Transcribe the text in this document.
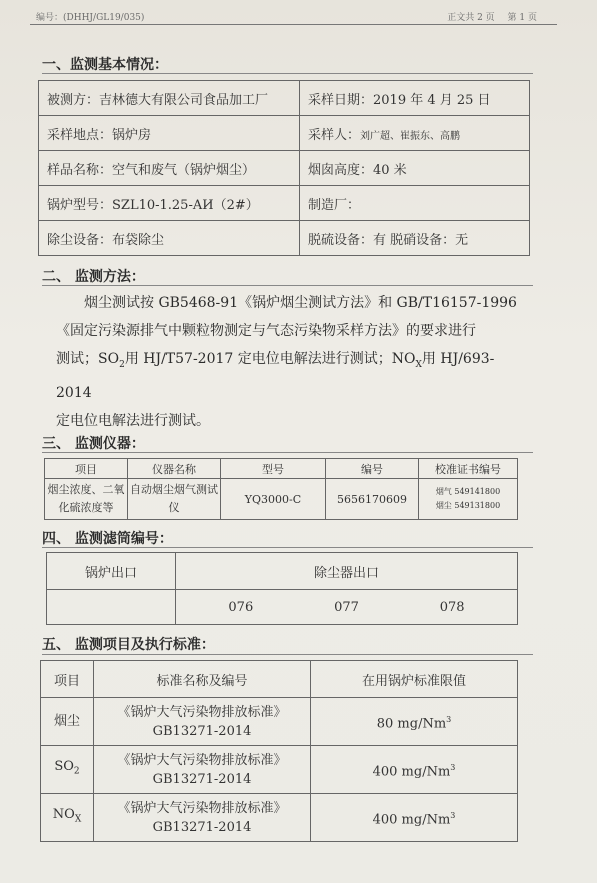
编号：(DHHJ/GL19/035)	正文共 2 页 第 1 页
一、监测基本情况：
被测方：吉林德大有限公司食品加工厂	采样日期：2019 年 4 月 25 日
采样地点：锅炉房	采样人：刘广超、崔振东、高鹏
样品名称：空气和废气（锅炉烟尘）	烟囱高度：40 米
锅炉型号：SZL10-1.25-AИ（2#）	制造厂：
除尘设备：布袋除尘	脱硫设备：有 脱硝设备：无
二、 监测方法：

烟尘测试按 GB5468-91《锅炉烟尘测试方法》和 GB/T16157-1996

《固定污染源排气中颗粒物测定与气态污染物采样方法》的要求进行

测试；$SO_2$用 HJ/T57-2017 定电位电解法进行测试；$NO_X$用 HJ/693-2014

定电位电解法进行测试。

三、 监测仪器：
项目	仪器名称	型号	编号	校准证书编号
烟尘浓度、二氧化硫浓度等	自动烟尘烟气测试仪	YQ3000-C	5656170609	烟气 549141800
烟尘 549131800
四、 监测滤筒编号：
锅炉出口	除尘器出口

	076 077 078
五、 监测项目及执行标准：
项目	标准名称及编号	在用锅炉标准限值
烟尘	《锅炉大气污染物排放标准》
GB13271-2014	80 mg/Nm$^3$
$SO_2$	《锅炉大气污染物排放标准》
GB13271-2014	400 mg/Nm$^3$
$NO_X$	《锅炉大气污染物排放标准》
GB13271-2014	400 mg/Nm$^3$
